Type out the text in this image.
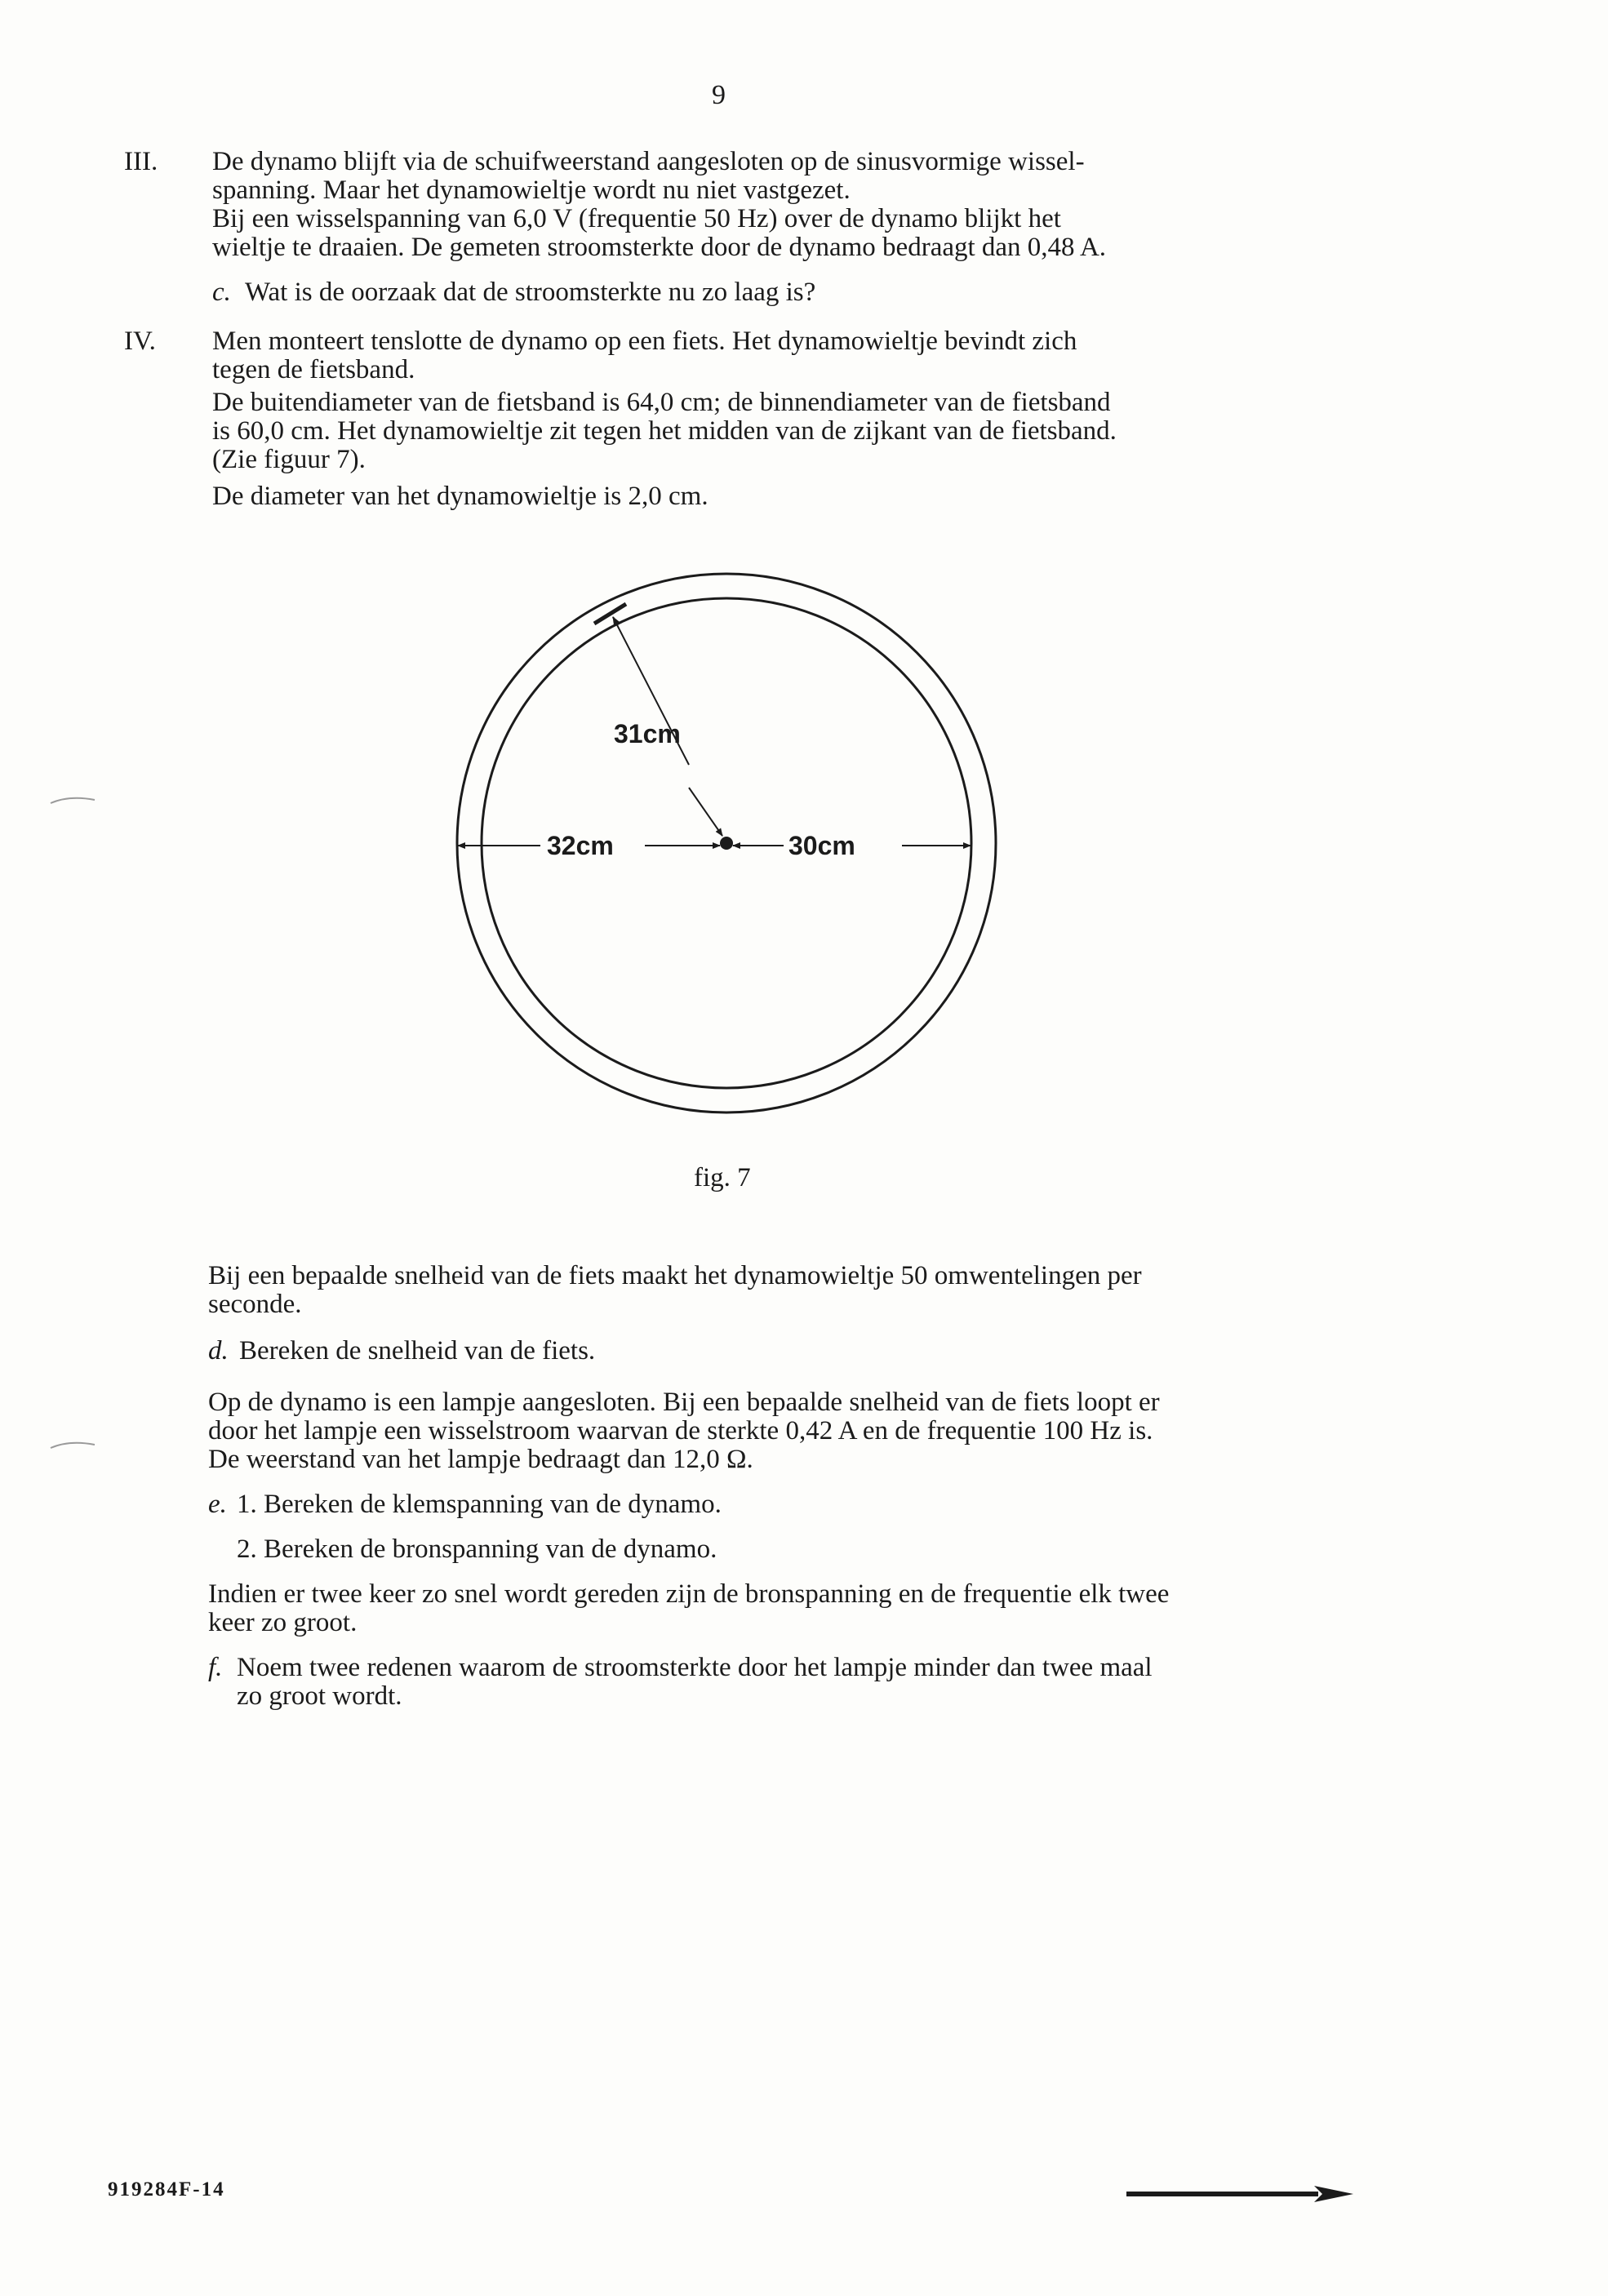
9
III. De dynamo blijft via de schuifweerstand aangesloten op de sinusvormige wissel-
spanning. Maar het dynamowieltje wordt nu niet vastgezet.
Bij een wisselspanning van 6,0 V (frequentie 50 Hz) over de dynamo blijkt het
wieltje te draaien. De gemeten stroomsterkte door de dynamo bedraagt dan 0,48 A.
c. Wat is de oorzaak dat de stroomsterkte nu zo laag is?
IV. Men monteert tenslotte de dynamo op een fiets. Het dynamowieltje bevindt zich
tegen de fietsband.
De buitendiameter van de fietsband is 64,0 cm; de binnendiameter van de fietsband
is 60,0 cm. Het dynamowieltje zit tegen het midden van de zijkant van de fietsband.
(Zie figuur 7).
De diameter van het dynamowieltje is 2,0 cm.
31cm
32cm	30cm
fig. 7
Bij een bepaalde snelheid van de fiets maakt het dynamowieltje 50 omwentelingen per
seconde.
d. Bereken de snelheid van de fiets.
Op de dynamo is een lampje aangesloten. Bij een bepaalde snelheid van de fiets loopt er
door het lampje een wisselstroom waarvan de sterkte 0,42 A en de frequentie 100 Hz is.
De weerstand van het lampje bedraagt dan 12,0 Ω.
e. 1. Bereken de klemspanning van de dynamo.
2. Bereken de bronspanning van de dynamo.
Indien er twee keer zo snel wordt gereden zijn de bronspanning en de frequentie elk twee
keer zo groot.
f. Noem twee redenen waarom de stroomsterkte door het lampje minder dan twee maal
zo groot wordt.
919284F-14
